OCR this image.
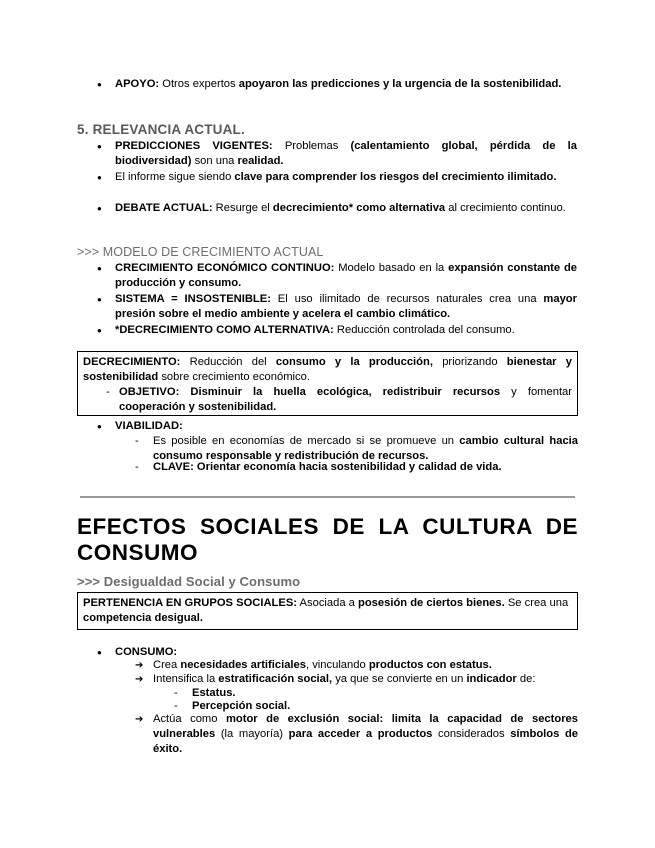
● APOYO: Otros expertos apoyaron las predicciones y la urgencia de la sostenibilidad.
5. RELEVANCIA ACTUAL.
● PREDICCIONES VIGENTES: Problemas (calentamiento global, pérdida de la biodiversidad) son una realidad.
● El informe sigue siendo clave para comprender los riesgos del crecimiento ilimitado.
● DEBATE ACTUAL: Resurge el decrecimiento* como alternativa al crecimiento continuo.
>>> MODELO DE CRECIMIENTO ACTUAL
● CRECIMIENTO ECONÓMICO CONTINUO: Modelo basado en la expansión constante de producción y consumo.
● SISTEMA = INSOSTENIBLE: El uso ilimitado de recursos naturales crea una mayor presión sobre el medio ambiente y acelera el cambio climático.
● *DECRECIMIENTO COMO ALTERNATIVA: Reducción controlada del consumo.
DECRECIMIENTO: Reducción del consumo y la producción, priorizando bienestar y sostenibilidad sobre crecimiento económico.
- OBJETIVO: Disminuir la huella ecológica, redistribuir recursos y fomentar cooperación y sostenibilidad.
● VIABILIDAD:
- Es posible en economías de mercado si se promueve un cambio cultural hacia consumo responsable y redistribución de recursos.
- CLAVE: Orientar economía hacia sostenibilidad y calidad de vida.
EFECTOS SOCIALES DE LA CULTURA DE CONSUMO
>>> Desigualdad Social y Consumo
PERTENENCIA EN GRUPOS SOCIALES: Asociada a posesión de ciertos bienes. Se crea una competencia desigual.
● CONSUMO:
➔ Crea necesidades artificiales, vinculando productos con estatus.
➔ Intensifica la estratificación social, ya que se convierte en un indicador de:
- Estatus.
- Percepción social.
➔ Actúa como motor de exclusión social: limita la capacidad de sectores vulnerables (la mayoría) para acceder a productos considerados símbolos de éxito.
